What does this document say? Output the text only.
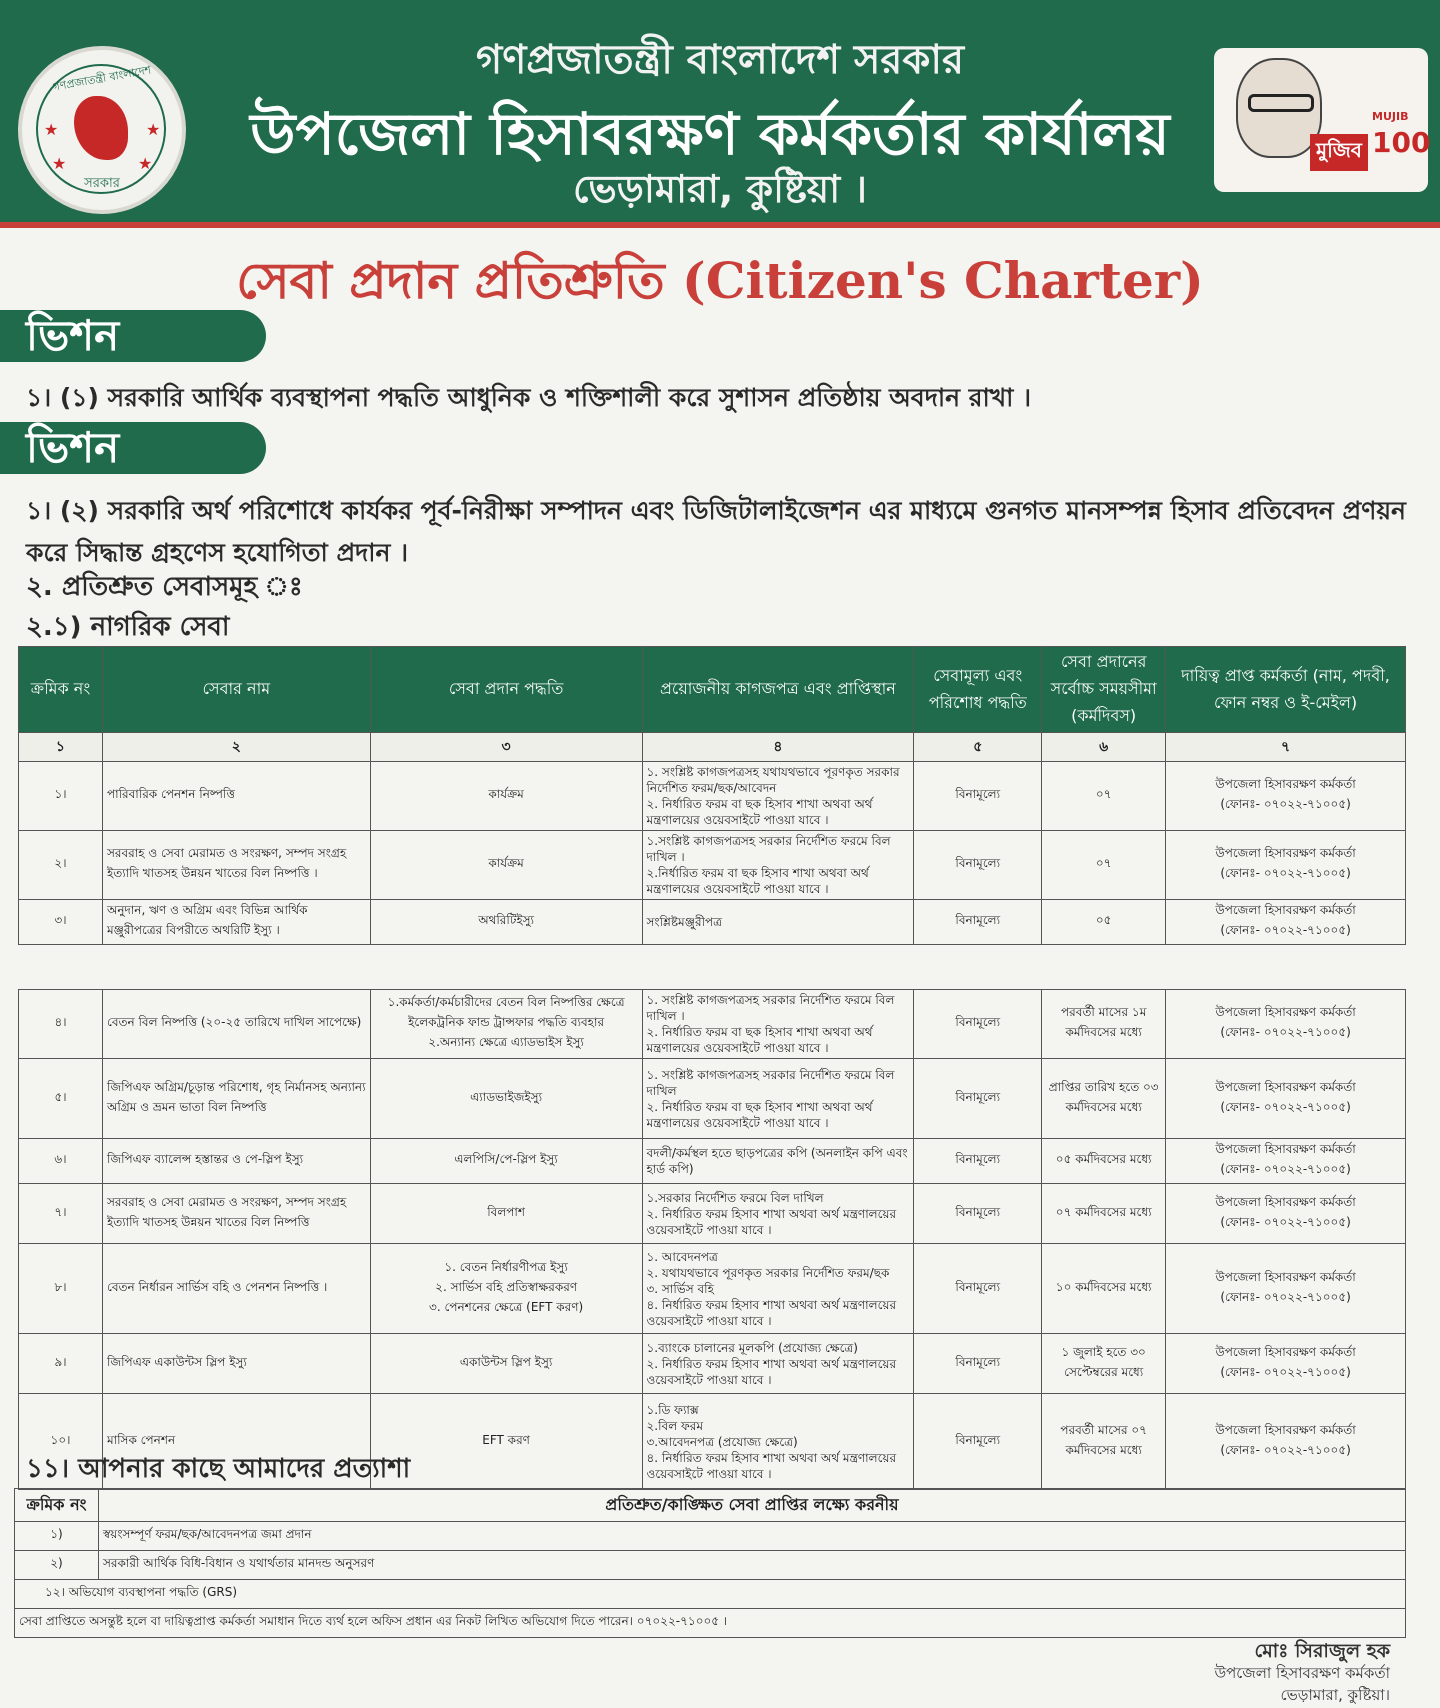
গণপ্রজাতন্ত্রী বাংলাদেশ
★	★
★	★
সরকার
গণপ্রজাতন্ত্রী বাংলাদেশ সরকার
উপজেলা হিসাবরক্ষণ কর্মকর্তার কার্যালয়
ভেড়ামারা, কুষ্টিয়া ।
মুজিব
MUJIB
100
সেবা প্রদান প্রতিশ্রুতি (Citizen's Charter)
ভিশন
১। (১) সরকারি আর্থিক ব্যবস্থাপনা পদ্ধতি আধুনিক ও শক্তিশালী করে সুশাসন প্রতিষ্ঠায় অবদান রাখা ।
ভিশন
১। (২) সরকারি অর্থ পরিশোধে কার্যকর পূর্ব-নিরীক্ষা সম্পাদন এবং ডিজিটালাইজেশন এর মাধ্যমে গুনগত মানসম্পন্ন হিসাব প্রতিবেদন প্রণয়ন করে সিদ্ধান্ত গ্রহণেস হযোগিতা প্রদান ।
২. প্রতিশ্রুত সেবাসমূহ ঃ
২.১) নাগরিক সেবা
ক্রমিক নং	সেবার নাম	সেবা প্রদান পদ্ধতি	প্রয়োজনীয় কাগজপত্র এবং প্রাপ্তিস্থান	সেবামূল্য এবং পরিশোধ পদ্ধতি	সেবা প্রদানের সর্বোচ্চ সময়সীমা (কর্মদিবস)	দায়িত্ব প্রাপ্ত কর্মকর্তা (নাম, পদবী, ফোন নম্বর ও ই-মেইল)
১	২	৩	৪	৫	৬	৭
১।	পারিবারিক পেনশন নিষ্পত্তি	কার্যক্রম	১. সংশ্লিষ্ট কাগজপত্রসহ যথাযথভাবে পূরণকৃত সরকার নির্দেশিত ফরম/ছক/আবেদন
২. নির্ধারিত ফরম বা ছক হিসাব শাখা অথবা অর্থ মন্ত্রণালয়ের ওয়েবসাইটে পাওয়া যাবে ।	বিনামূল্যে	০৭	উপজেলা হিসাবরক্ষণ কর্মকর্তা
(ফোনঃ- ০৭০২২-৭১০০৫)
২।	সরবরাহ ও সেবা মেরামত ও সংরক্ষণ, সম্পদ সংগ্রহ ইত্যাদি খাতসহ উন্নয়ন খাতের বিল নিষ্পত্তি ।	কার্যক্রম	১.সংশ্লিষ্ট কাগজপত্রসহ সরকার নির্দেশিত ফরমে বিল দাখিল ।
২.নির্ধারিত ফরম বা ছক হিসাব শাখা অথবা অর্থ মন্ত্রণালয়ের ওয়েবসাইটে পাওয়া যাবে ।	বিনামূল্যে	০৭	উপজেলা হিসাবরক্ষণ কর্মকর্তা
(ফোনঃ- ০৭০২২-৭১০০৫)
৩।	অনুদান, ঋণ ও অগ্রিম এবং বিভিন্ন আর্থিক মঞ্জুরীপত্রের বিপরীতে অথরিটি ইস্যু ।	অথরিটিইস্যু	সংশ্লিষ্টমঞ্জুরীপত্র	বিনামূল্যে	০৫	উপজেলা হিসাবরক্ষণ কর্মকর্তা
(ফোনঃ- ০৭০২২-৭১০০৫)

৪।	বেতন বিল নিষ্পত্তি (২০-২৫ তারিখে দাখিল সাপেক্ষে)	১.কর্মকর্তা/কর্মচারীদের বেতন বিল নিষ্পত্তির ক্ষেত্রে ইলেকট্রনিক ফান্ড ট্রান্সফার পদ্ধতি ব্যবহার
২.অন্যান্য ক্ষেত্রে এ্যাডভাইস ইস্যু	১. সংশ্লিষ্ট কাগজপত্রসহ সরকার নির্দেশিত ফরমে বিল দাখিল ।
২. নির্ধারিত ফরম বা ছক হিসাব শাখা অথবা অর্থ মন্ত্রণালয়ের ওয়েবসাইটে পাওয়া যাবে ।	বিনামূল্যে	পরবর্তী মাসের ১ম কর্মদিবসের মধ্যে	উপজেলা হিসাবরক্ষণ কর্মকর্তা
(ফোনঃ- ০৭০২২-৭১০০৫)
৫।	জিপিএফ অগ্রিম/চূড়ান্ত পরিশোধ, গৃহ নির্মানসহ অন্যান্য অগ্রিম ও ভ্রমন ভাতা বিল নিষ্পত্তি	এ্যাডভাইজইস্যু	১. সংশ্লিষ্ট কাগজপত্রসহ সরকার নির্দেশিত ফরমে বিল দাখিল
২. নির্ধারিত ফরম বা ছক হিসাব শাখা অথবা অর্থ মন্ত্রণালয়ের ওয়েবসাইটে পাওয়া যাবে ।	বিনামূল্যে	প্রাপ্তির তারিখ হতে ০৩ কর্মদিবসের মধ্যে	উপজেলা হিসাবরক্ষণ কর্মকর্তা
(ফোনঃ- ০৭০২২-৭১০০৫)
৬।	জিপিএফ ব্যালেন্স হস্তান্তর ও পে-স্লিপ ইস্যু	এলপিসি/পে-স্লিপ ইস্যু	বদলী/কর্মস্থল হতে ছাড়পত্রের কপি (অনলাইন কপি এবং হার্ড কপি)	বিনামূল্যে	০৫ কর্মদিবসের মধ্যে	উপজেলা হিসাবরক্ষণ কর্মকর্তা
(ফোনঃ- ০৭০২২-৭১০০৫)
৭।	সরবরাহ ও সেবা মেরামত ও সংরক্ষণ, সম্পদ সংগ্রহ ইত্যাদি খাতসহ উন্নয়ন খাতের বিল নিষ্পত্তি	বিলপাশ	১.সরকার নির্দেশিত ফরমে বিল দাখিল
২. নির্ধারিত ফরম হিসাব শাখা অথবা অর্থ মন্ত্রণালয়ের ওয়েবসাইটে পাওয়া যাবে ।	বিনামূল্যে	০৭ কর্মদিবসের মধ্যে	উপজেলা হিসাবরক্ষণ কর্মকর্তা
(ফোনঃ- ০৭০২২-৭১০০৫)
৮।	বেতন নির্ধারন সার্ভিস বহি ও পেনশন নিষ্পত্তি ।	১. বেতন নির্ধারণীপত্র ইস্যু
২. সার্ভিস বহি প্রতিস্বাক্ষরকরণ
৩. পেনশনের ক্ষেত্রে (EFT করণ)	১. আবেদনপত্র
২. যথাযথভাবে পূরণকৃত সরকার নির্দেশিত ফরম/ছক
৩. সার্ভিস বহি
৪. নির্ধারিত ফরম হিসাব শাখা অথবা অর্থ মন্ত্রণালয়ের ওয়েবসাইটে পাওয়া যাবে ।	বিনামূল্যে	১০ কর্মদিবসের মধ্যে	উপজেলা হিসাবরক্ষণ কর্মকর্তা
(ফোনঃ- ০৭০২২-৭১০০৫)
৯।	জিপিএফ একাউন্টস স্লিপ ইস্যু	একাউন্টস স্লিপ ইস্যু	১.ব্যাংকে চালানের মূলকপি (প্রযোজ্য ক্ষেত্রে)
২. নির্ধারিত ফরম হিসাব শাখা অথবা অর্থ মন্ত্রণালয়ের ওয়েবসাইটে পাওয়া যাবে ।	বিনামূল্যে	১ জুলাই হতে ৩০ সেপ্টেম্বরের মধ্যে	উপজেলা হিসাবরক্ষণ কর্মকর্তা
(ফোনঃ- ০৭০২২-৭১০০৫)
১০।	মাসিক পেনশন	EFT করণ	১.ডি ফ্যাক্স
২.বিল ফরম
৩.আবেদনপত্র (প্রযোজ্য ক্ষেত্রে)
৪. নির্ধারিত ফরম হিসাব শাখা অথবা অর্থ মন্ত্রণালয়ের ওয়েবসাইটে পাওয়া যাবে ।	বিনামূল্যে	পরবর্তী মাসের ০৭ কর্মদিবসের মধ্যে	উপজেলা হিসাবরক্ষণ কর্মকর্তা
(ফোনঃ- ০৭০২২-৭১০০৫)
১১। আপনার কাছে আমাদের প্রত্যাশা
ক্রমিক নং	প্রতিশ্রুত/কাঙ্ক্ষিত সেবা প্রাপ্তির লক্ষ্যে করনীয়
১)	স্বয়ংসম্পূর্ণ ফরম/ছক/আবেদনপত্র জমা প্রদান
২)	সরকারী আর্থিক বিধি-বিধান ও যথার্থতার মানদন্ড অনুসরণ
১২। অভিযোগ ব্যবস্থাপনা পদ্ধতি (GRS)	
সেবা প্রাপ্তিতে অসন্তুষ্ট হলে বা দায়িত্বপ্রাপ্ত কর্মকর্তা সমাধান দিতে ব্যর্থ হলে অফিস প্রধান এর নিকট লিখিত অভিযোগ দিতে পারেন। ০৭০২২-৭১০০৫ ।	
মোঃ সিরাজুল হক
উপজেলা হিসাবরক্ষণ কর্মকর্তা
ভেড়ামারা, কুষ্টিয়া।
